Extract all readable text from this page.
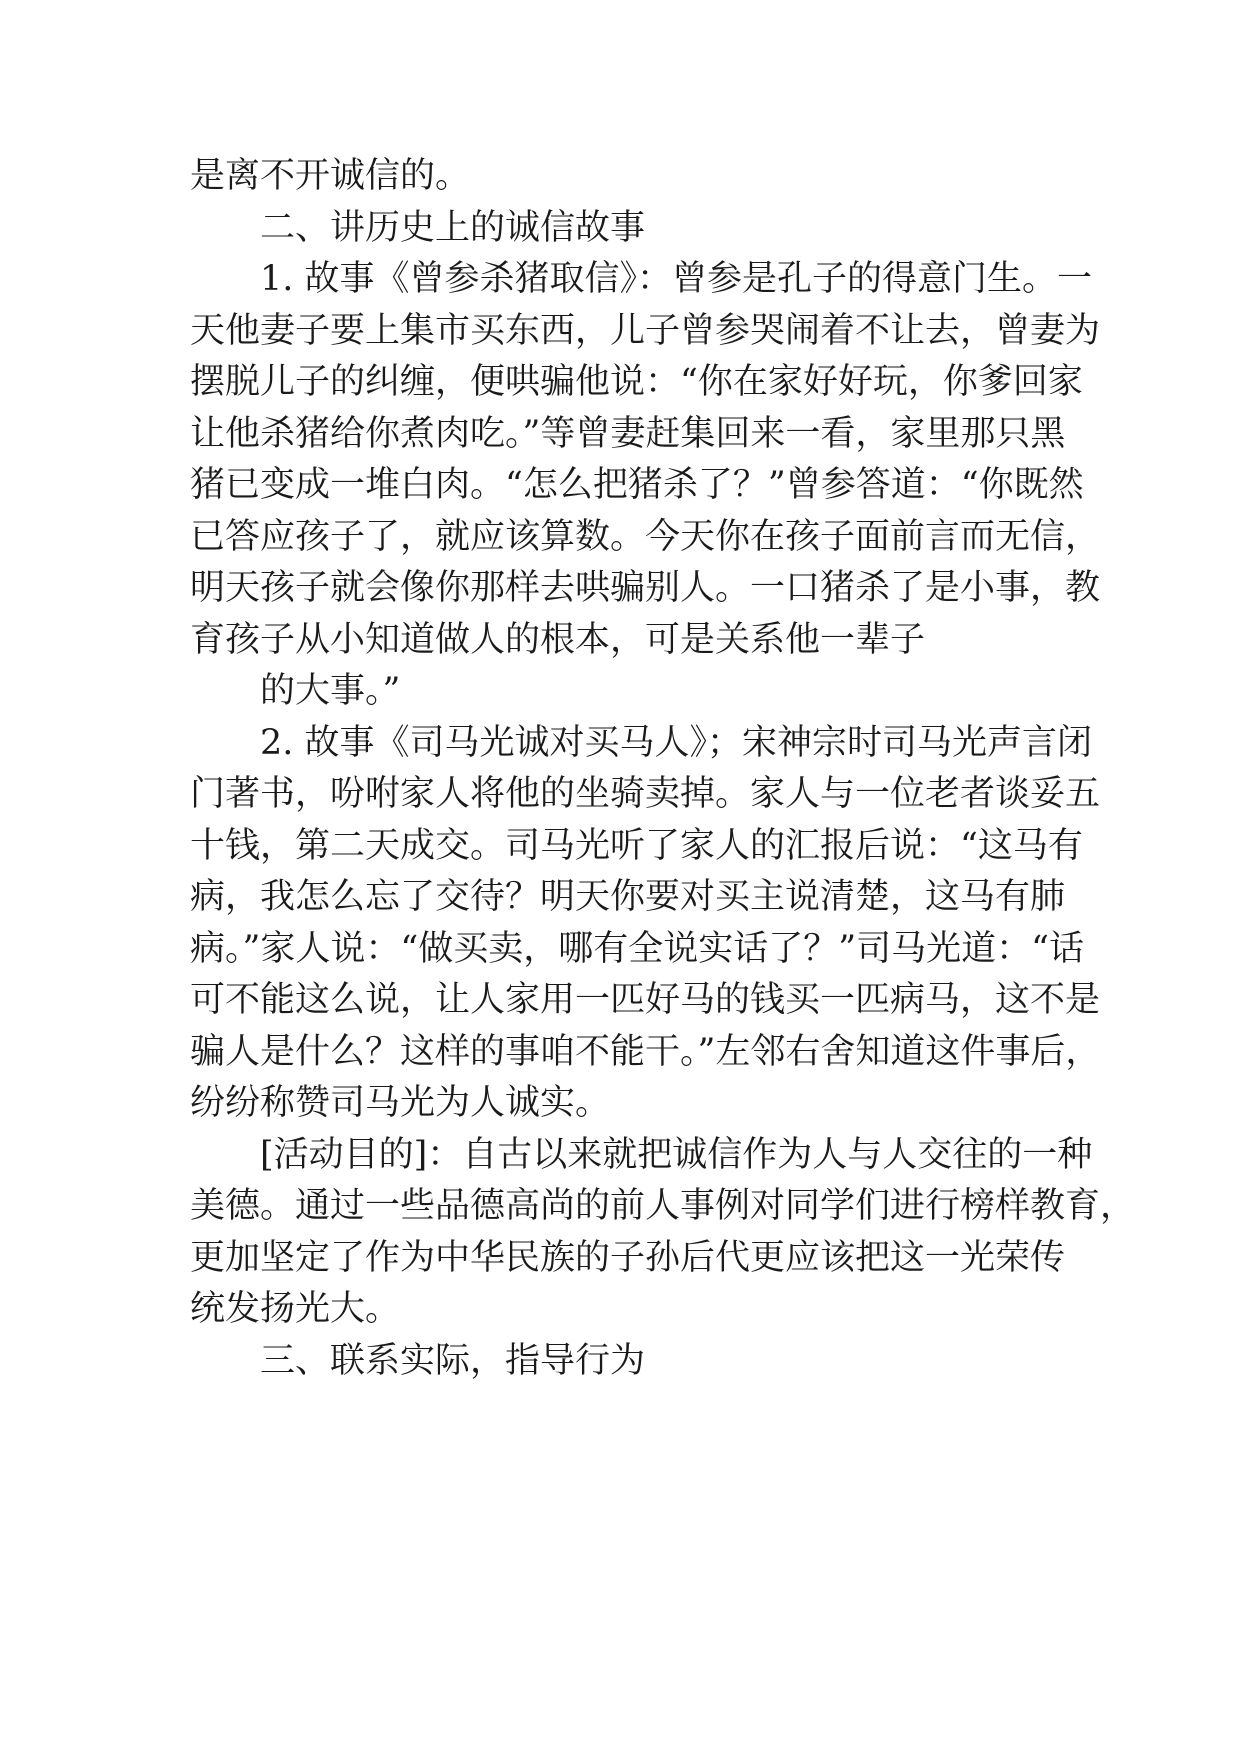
是离不开诚信的。
二、讲历史上的诚信故事
1. 故事《曾参杀猪取信》：曾参是孔子的得意门生。一
天他妻子要上集市买东西，儿子曾参哭闹着不让去，曾妻为
摆脱儿子的纠缠，便哄骗他说：“你在家好好玩，你爹回家
让他杀猪给你煮肉吃。”等曾妻赶集回来一看，家里那只黑
猪已变成一堆白肉。“怎么把猪杀了？”曾参答道：“你既然
已答应孩子了，就应该算数。今天你在孩子面前言而无信，
明天孩子就会像你那样去哄骗别人。一口猪杀了是小事，教
育孩子从小知道做人的根本，可是关系他一辈子
的大事。”
2. 故事《司马光诚对买马人》；宋神宗时司马光声言闭
门著书，吩咐家人将他的坐骑卖掉。家人与一位老者谈妥五
十钱，第二天成交。司马光听了家人的汇报后说：“这马有
病，我怎么忘了交待？明天你要对买主说清楚，这马有肺
病。”家人说：“做买卖，哪有全说实话了？”司马光道：“话
可不能这么说，让人家用一匹好马的钱买一匹病马，这不是
骗人是什么？这样的事咱不能干。”左邻右舍知道这件事后，
纷纷称赞司马光为人诚实。
[活动目的]：自古以来就把诚信作为人与人交往的一种
美德。通过一些品德高尚的前人事例对同学们进行榜样教育，
更加坚定了作为中华民族的子孙后代更应该把这一光荣传
统发扬光大。
三、联系实际，指导行为
